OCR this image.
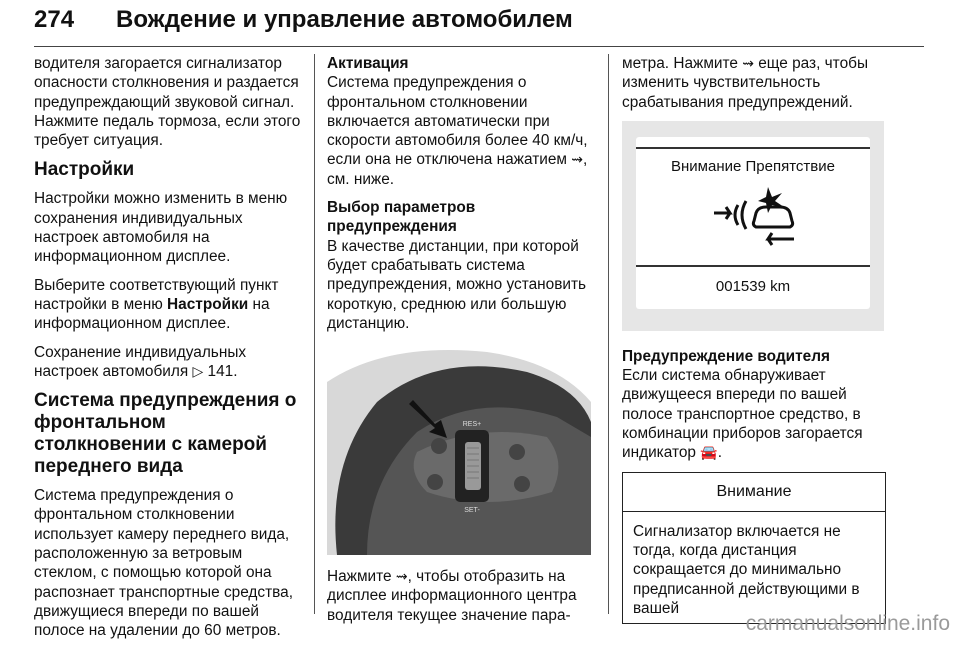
274 Вождение и управление автомобилем

водителя загорается сигнализатор опасности столкновения и раздается предупреждающий звуковой сигнал. Нажмите педаль тормоза, если этого требует ситуация.

Настройки

Настройки можно изменить в меню сохранения индивидуальных настроек автомобиля на информационном дисплее.

Выберите соответствующий пункт настройки в меню Настройки на информационном дисплее.

Сохранение индивидуальных настроек автомобиля ▷ 141.

Система предупреждения о фронтальном столкновении с камерой переднего вида

Система предупреждения о фронтальном столкновении использует камеру переднего вида, расположенную за ветровым стеклом, с помощью которой она распознает транспортные средства, движущиеся впереди по вашей полосе на удалении до 60 метров.

Активация

Система предупреждения о фронтальном столкновении включается автоматически при скорости автомобиля более 40 км/ч, если она не отключена нажатием ⇝, см. ниже.

Выбор параметров предупреждения

В качестве дистанции, при которой будет срабатывать система предупреждения, можно установить короткую, среднюю или большую дистанцию.

RES+
SET-

Нажмите ⇝, чтобы отобразить на дисплее информационного центра водителя текущее значение пара-

метра. Нажмите ⇝ еще раз, чтобы изменить чувствительность срабатывания предупреждений.

Внимание Препятствие
001539 km
Предупреждение водителя

Если система обнаруживает движущееся впереди по вашей полосе транспортное средство, в комбинации приборов загорается индикатор 🚘.

Внимание
Сигнализатор включается не тогда, когда дистанция сокращается до минимально предписанной действующими в вашей
carmanualsonline.info
